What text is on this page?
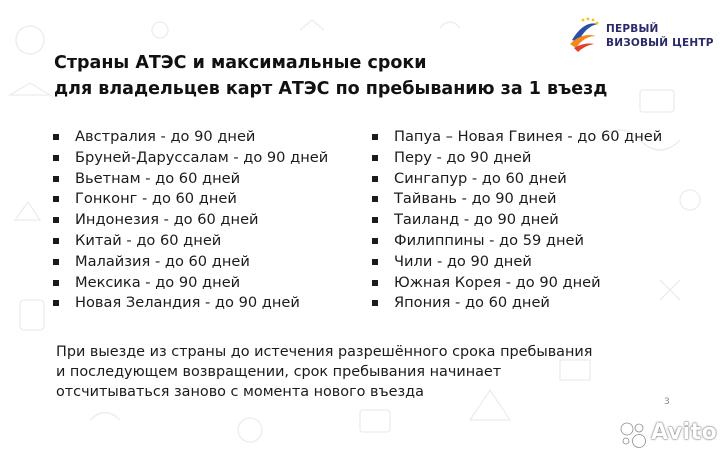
ПЕРВЫЙ
ВИЗОВЫЙ ЦЕНТР
Страны АТЭС и максимальные сроки
для владельцев карт АТЭС по пребыванию за 1 въезд
Австралия - до 90 дней
Бруней-Даруссалам - до 90 дней
Вьетнам - до 60 дней
Гонконг - до 60 дней
Индонезия - до 60 дней
Китай - до 60 дней
Малайзия - до 60 дней
Мексика - до 90 дней
Новая Зеландия - до 90 дней
Папуа – Новая Гвинея - до 60 дней
Перу - до 90 дней
Сингапур - до 60 дней
Тайвань - до 90 дней
Таиланд - до 90 дней
Филиппины - до 59 дней
Чили - до 90 дней
Южная Корея - до 90 дней
Япония - до 60 дней
При выезде из страны до истечения разрешённого срока пребывания
и последующем возвращении, срок пребывания начинает
отсчитываться заново с момента нового въезда
3
Avito
